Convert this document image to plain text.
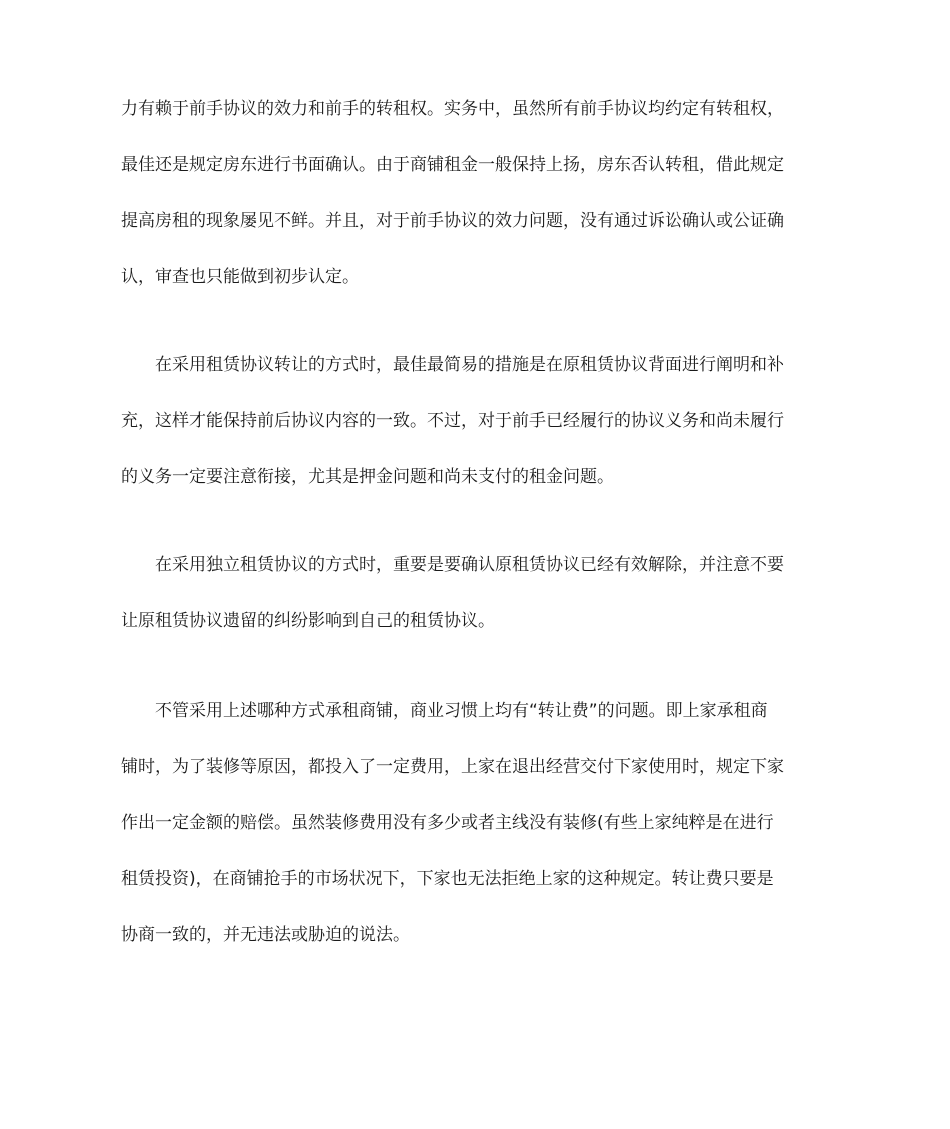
力有赖于前手协议的效力和前手的转租权。实务中，虽然所有前手协议均约定有转租权，

最佳还是规定房东进行书面确认。由于商铺租金一般保持上扬，房东否认转租，借此规定

提高房租的现象屡见不鲜。并且，对于前手协议的效力问题，没有通过诉讼确认或公证确

认，审查也只能做到初步认定。

在采用租赁协议转让的方式时，最佳最简易的措施是在原租赁协议背面进行阐明和补

充，这样才能保持前后协议内容的一致。不过，对于前手已经履行的协议义务和尚未履行

的义务一定要注意衔接，尤其是押金问题和尚未支付的租金问题。

在采用独立租赁协议的方式时，重要是要确认原租赁协议已经有效解除，并注意不要

让原租赁协议遗留的纠纷影响到自己的租赁协议。

不管采用上述哪种方式承租商铺，商业习惯上均有“转让费”的问题。即上家承租商

铺时，为了装修等原因，都投入了一定费用，上家在退出经营交付下家使用时，规定下家

作出一定金额的赔偿。虽然装修费用没有多少或者主线没有装修(有些上家纯粹是在进行

租赁投资)，在商铺抢手的市场状况下，下家也无法拒绝上家的这种规定。转让费只要是

协商一致的，并无违法或胁迫的说法。
